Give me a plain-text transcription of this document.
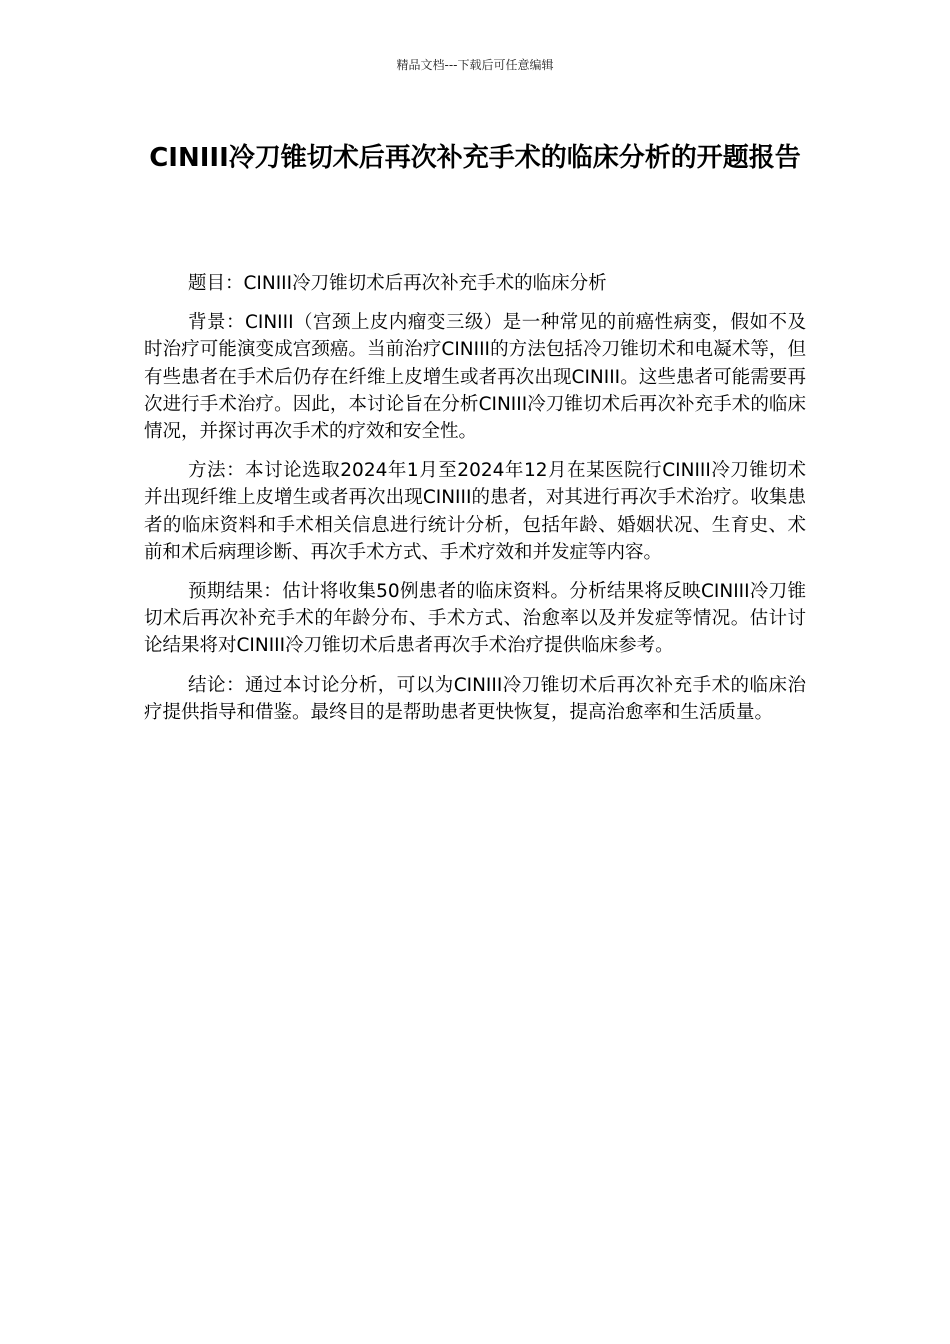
精品文档---下载后可任意编辑
CINIII冷刀锥切术后再次补充手术的临床分析的开题报告

题目：CINIII冷刀锥切术后再次补充手术的临床分析

背景：CINIII（宫颈上皮内瘤变三级）是一种常见的前癌性病变，假如不及时治疗可能演变成宫颈癌。当前治疗CINIII的方法包括冷刀锥切术和电凝术等，但有些患者在手术后仍存在纤维上皮增生或者再次出现CINIII。这些患者可能需要再次进行手术治疗。因此，本讨论旨在分析CINIII冷刀锥切术后再次补充手术的临床情况，并探讨再次手术的疗效和安全性。

方法：本讨论选取2024年1月至2024年12月在某医院行CINIII冷刀锥切术并出现纤维上皮增生或者再次出现CINIII的患者，对其进行再次手术治疗。收集患者的临床资料和手术相关信息进行统计分析，包括年龄、婚姻状况、生育史、术前和术后病理诊断、再次手术方式、手术疗效和并发症等内容。

预期结果：估计将收集50例患者的临床资料。分析结果将反映CINIII冷刀锥切术后再次补充手术的年龄分布、手术方式、治愈率以及并发症等情况。估计讨论结果将对CINIII冷刀锥切术后患者再次手术治疗提供临床参考。

结论：通过本讨论分析，可以为CINIII冷刀锥切术后再次补充手术的临床治疗提供指导和借鉴。最终目的是帮助患者更快恢复，提高治愈率和生活质量。
